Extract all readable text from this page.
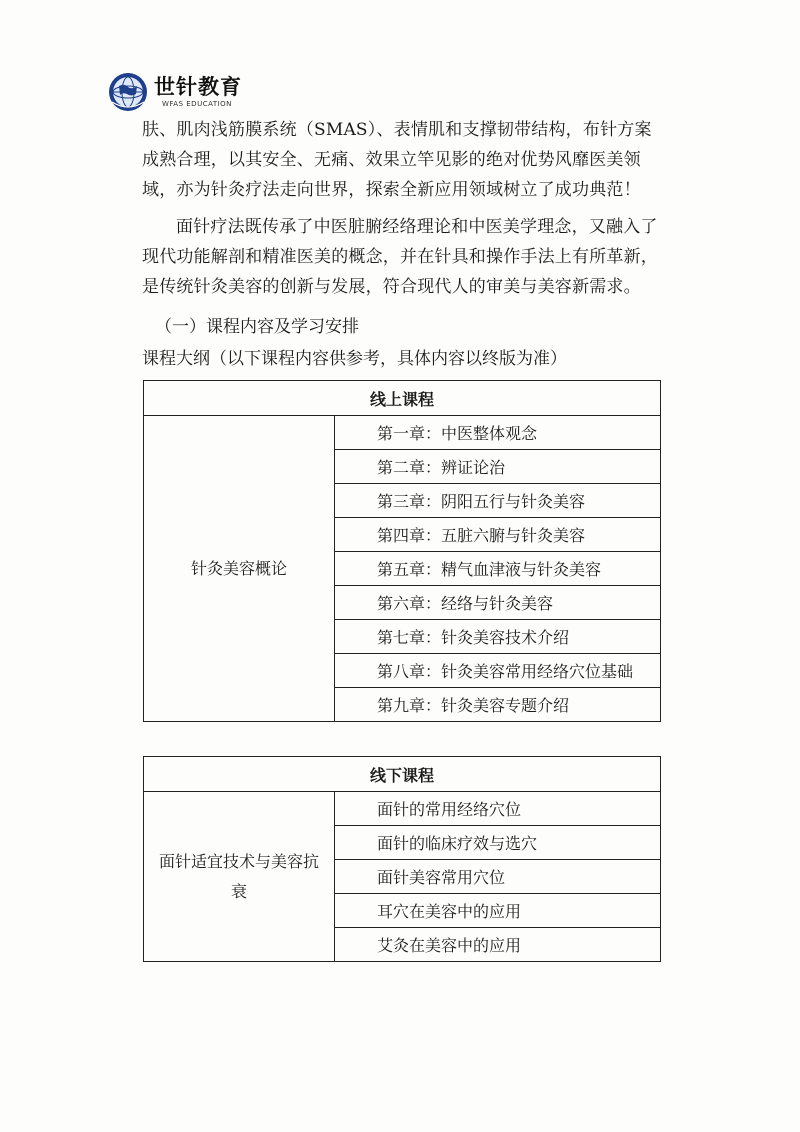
世针教育
WFAS EDUCATION

肤、肌肉浅筋膜系统（SMAS）、表情肌和支撑韧带结构，布针方案成熟合理，以其安全、无痛、效果立竿见影的绝对优势风靡医美领域，亦为针灸疗法走向世界，探索全新应用领域树立了成功典范！

面针疗法既传承了中医脏腑经络理论和中医美学理念，又融入了现代功能解剖和精准医美的概念，并在针具和操作手法上有所革新，是传统针灸美容的创新与发展，符合现代人的审美与美容新需求。

（一）课程内容及学习安排
课程大纲（以下课程内容供参考，具体内容以终版为准）
线上课程
针灸美容概论	第一章：中医整体观念
第二章：辨证论治
第三章：阴阳五行与针灸美容
第四章：五脏六腑与针灸美容
第五章：精气血津液与针灸美容
第六章：经络与针灸美容
第七章：针灸美容技术介绍
第八章：针灸美容常用经络穴位基础
第九章：针灸美容专题介绍
线下课程
面针适宜技术与美容抗衰	面针的常用经络穴位
面针的临床疗效与选穴
面针美容常用穴位
耳穴在美容中的应用
艾灸在美容中的应用
